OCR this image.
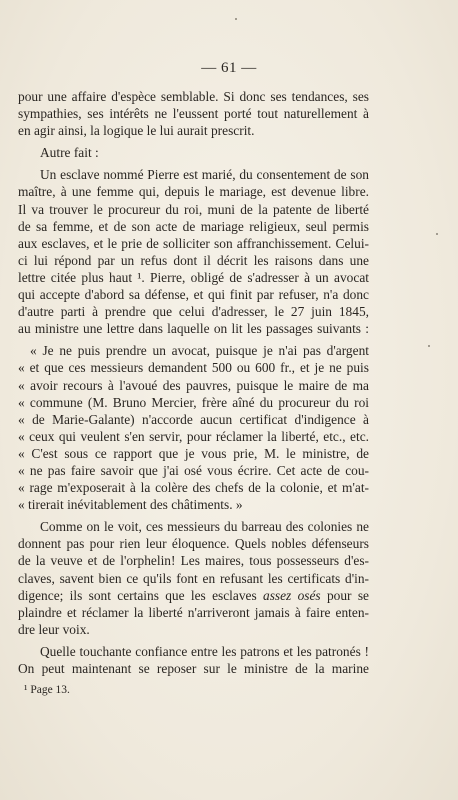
— 61 —

pour une affaire d'espèce semblable. Si donc ses tendances, ses
sympathies, ses intérêts ne l'eussent porté tout naturellement à
en agir ainsi, la logique le lui aurait prescrit.

Autre fait :

Un esclave nommé Pierre est marié, du consentement de son
maître, à une femme qui, depuis le mariage, est devenue libre.
Il va trouver le procureur du roi, muni de la patente de liberté
de sa femme, et de son acte de mariage religieux, seul permis
aux esclaves, et le prie de solliciter son affranchissement. Celui-
ci lui répond par un refus dont il décrit les raisons dans une
lettre citée plus haut ¹. Pierre, obligé de s'adresser à un avocat
qui accepte d'abord sa défense, et qui finit par refuser, n'a donc
d'autre parti à prendre que celui d'adresser, le 27 juin 1845,
au ministre une lettre dans laquelle on lit les passages suivants :

« Je ne puis prendre un avocat, puisque je n'ai pas d'argent
« et que ces messieurs demandent 500 ou 600 fr., et je ne puis
« avoir recours à l'avoué des pauvres, puisque le maire de ma
« commune (M. Bruno Mercier, frère aîné du procureur du roi
« de Marie-Galante) n'accorde aucun certificat d'indigence à
« ceux qui veulent s'en servir, pour réclamer la liberté, etc., etc.
« C'est sous ce rapport que je vous prie, M. le ministre, de
« ne pas faire savoir que j'ai osé vous écrire. Cet acte de cou-
« rage m'exposerait à la colère des chefs de la colonie, et m'at-
« tirerait inévitablement des châtiments. »

Comme on le voit, ces messieurs du barreau des colonies ne
donnent pas pour rien leur éloquence. Quels nobles défenseurs
de la veuve et de l'orphelin! Les maires, tous possesseurs d'es-
claves, savent bien ce qu'ils font en refusant les certificats d'in-
digence; ils sont certains que les esclaves assez osés pour se
plaindre et réclamer la liberté n'arriveront jamais à faire enten-
dre leur voix.

Quelle touchante confiance entre les patrons et les patronés !
On peut maintenant se reposer sur le ministre de la marine

¹ Page 13.
